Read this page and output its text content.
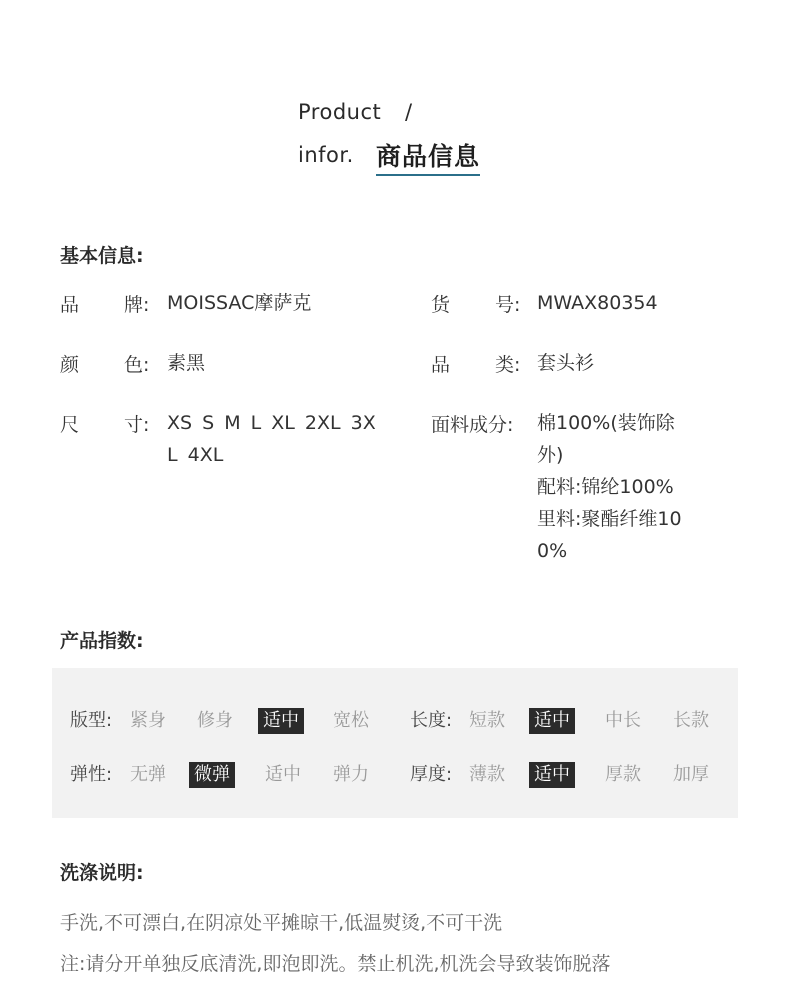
Product /
infor. 商品信息
基本信息:
品 牌: MOISSAC摩萨克	货 号: MWAX80354
颜 色: 素黑	品 类: 套头衫
尺 寸: XS S M L XL 2XL 3X
L 4XL
面料成分: 棉100%(装饰除
外)
配料:锦纶100%
里料:聚酯纤维10
0%
产品指数:
版型: 紧身 修身 适中 宽松 长度: 短款 适中 中长 长款
弹性: 无弹 微弹 适中 弹力 厚度: 薄款 适中 厚款 加厚
洗涤说明:
手洗,不可漂白,在阴凉处平摊晾干,低温熨烫,不可干洗
注:请分开单独反底清洗,即泡即洗。禁止机洗,机洗会导致装饰脱落
